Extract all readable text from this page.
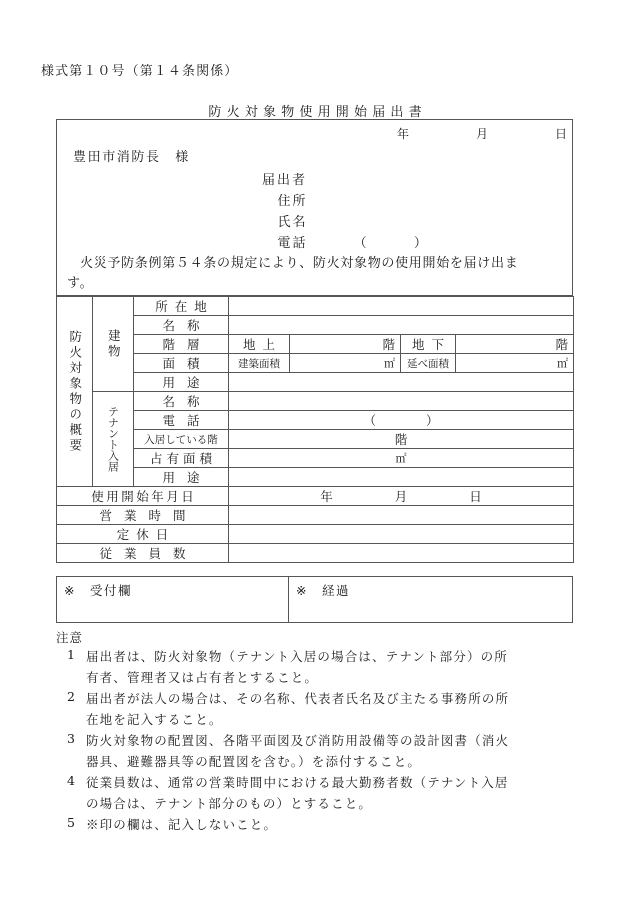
様式第１０号（第１４条関係）
防火対象物使用開始届出書
年	月	日
豊田市消防長　様
届出者
住所
氏名
電話	（	）
火災予防条例第５４条の規定により、防火対象物の使用開始を届け出ま
す。
防火対象物の概要	建物	所在地				
		名称				
		階層	地上	階	地下	階
		面積	建築面積	㎡	延べ面積	㎡
		用途				

	テナント入居	名称				
		電話	（　　　　）			
		入居している階	階			
		占有面積	㎡			
		用途				
使用開始年月日			年 月 日			

営業時間						
定休日						
従業員数						
※ 受付欄	※ 経過
注意
1 届出者は、防火対象物（テナント入居の場合は、テナント部分）の所
有者、管理者又は占有者とすること。
2 届出者が法人の場合は、その名称、代表者氏名及び主たる事務所の所
在地を記入すること。
3 防火対象物の配置図、各階平面図及び消防用設備等の設計図書（消火
器具、避難器具等の配置図を含む。）を添付すること。
4 従業員数は、通常の営業時間中における最大勤務者数（テナント入居
の場合は、テナント部分のもの）とすること。
5 ※印の欄は、記入しないこと。
